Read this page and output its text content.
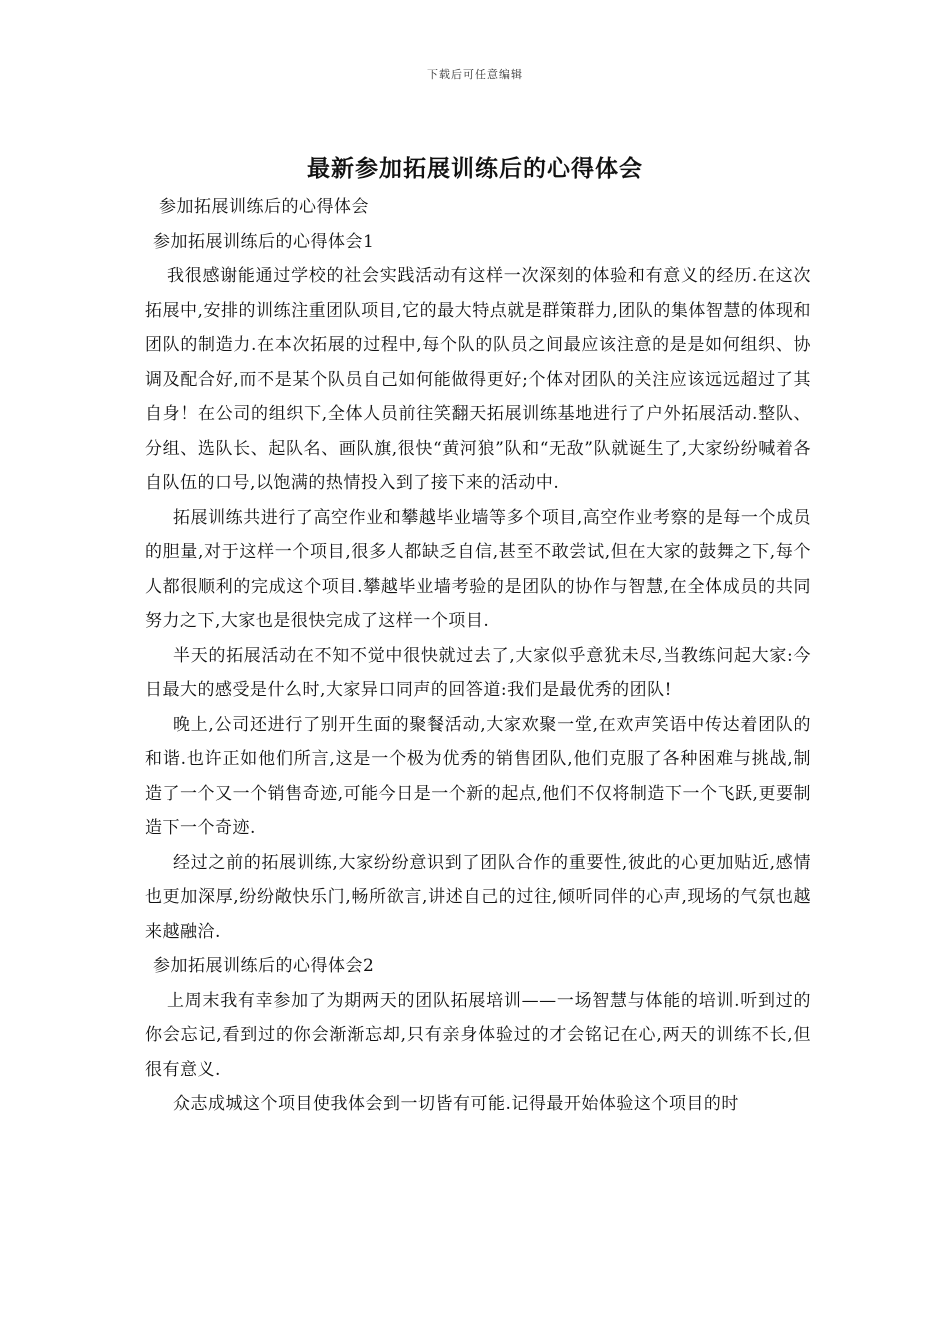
下载后可任意编辑
最新参加拓展训练后的心得体会

参加拓展训练后的心得体会

参加拓展训练后的心得体会1

我很感谢能通过学校的社会实践活动有这样一次深刻的体验和有意义的经历.在这次拓展中,安排的训练注重团队项目,它的最大特点就是群策群力,团队的集体智慧的体现和团队的制造力.在本次拓展的过程中,每个队的队员之间最应该注意的是是如何组织、协调及配合好,而不是某个队员自己如何能做得更好;个体对团队的关注应该远远超过了其自身！在公司的组织下,全体人员前往笑翻天拓展训练基地进行了户外拓展活动.整队、分组、选队长、起队名、画队旗,很快“黄河狼”队和“无敌”队就诞生了,大家纷纷喊着各自队伍的口号,以饱满的热情投入到了接下来的活动中.

拓展训练共进行了高空作业和攀越毕业墙等多个项目,高空作业考察的是每一个成员的胆量,对于这样一个项目,很多人都缺乏自信,甚至不敢尝试,但在大家的鼓舞之下,每个人都很顺利的完成这个项目.攀越毕业墙考验的是团队的协作与智慧,在全体成员的共同努力之下,大家也是很快完成了这样一个项目.

半天的拓展活动在不知不觉中很快就过去了,大家似乎意犹未尽,当教练问起大家:今日最大的感受是什么时,大家异口同声的回答道:我们是最优秀的团队!

晚上,公司还进行了别开生面的聚餐活动,大家欢聚一堂,在欢声笑语中传达着团队的和谐.也许正如他们所言,这是一个极为优秀的销售团队,他们克服了各种困难与挑战,制造了一个又一个销售奇迹,可能今日是一个新的起点,他们不仅将制造下一个飞跃,更要制造下一个奇迹.

经过之前的拓展训练,大家纷纷意识到了团队合作的重要性,彼此的心更加贴近,感情也更加深厚,纷纷敞快乐门,畅所欲言,讲述自己的过往,倾听同伴的心声,现场的气氛也越来越融洽.

参加拓展训练后的心得体会2

上周末我有幸参加了为期两天的团队拓展培训——一场智慧与体能的培训.听到过的你会忘记,看到过的你会渐渐忘却,只有亲身体验过的才会铭记在心,两天的训练不长,但很有意义.

众志成城这个项目使我体会到一切皆有可能.记得最开始体验这个项目的时
